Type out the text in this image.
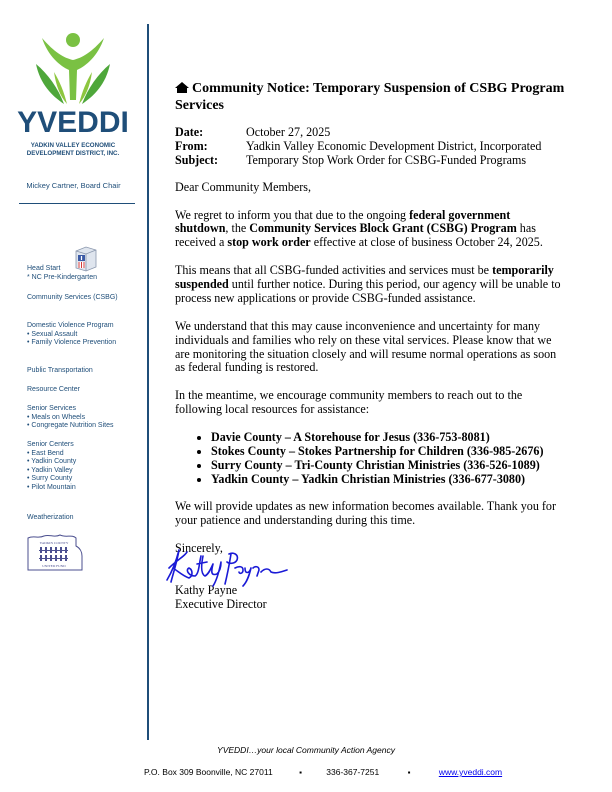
YVEDDI
YADKIN VALLEY ECONOMIC
DEVELOPMENT DISTRICT, INC.
Mickey Cartner, Board Chair
Head Start
* NC Pre-Kindergarten
Community Services (CSBG)
Domestic Violence Program
• Sexual Assault
• Family Violence Prevention
Public Transportation
Resource Center
Senior Services
• Meals on Wheels
• Congregate Nutrition Sites
Senior Centers
• East Bend
• Yadkin County
• Yadkin Valley
• Surry County
• Pilot Mountain
Weatherization
YADKIN COUNTY
UNITED FUND
Community Notice: Temporary Suspension of CSBG Program Services
Date:	October 27, 2025
From:	Yadkin Valley Economic Development District, Incorporated
Subject:	Temporary Stop Work Order for CSBG-Funded Programs

Dear Community Members,

We regret to inform you that due to the ongoing federal government shutdown, the Community Services Block Grant (CSBG) Program has received a stop work order effective at close of business October 24, 2025.

This means that all CSBG-funded activities and services must be temporarily suspended until further notice. During this period, our agency will be unable to process new applications or provide CSBG-funded assistance.

We understand that this may cause inconvenience and uncertainty for many individuals and families who rely on these vital services. Please know that we are monitoring the situation closely and will resume normal operations as soon as federal funding is restored.

In the meantime, we encourage community members to reach out to the following local resources for assistance:

• Davie County – A Storehouse for Jesus (336-753-8081)
• Stokes County – Stokes Partnership for Children (336-985-2676)
• Surry County – Tri-County Christian Ministries (336-526-1089)
• Yadkin County – Yadkin Christian Ministries (336-677-3080)

We will provide updates as new information becomes available. Thank you for your patience and understanding during this time.

Sincerely,
Kathy Payne
Executive Director
YVEDDI…your local Community Action Agency
P.O. Box 309 Boonville, NC 27011	▪	336-367-7251	▪	www.yveddi.com
